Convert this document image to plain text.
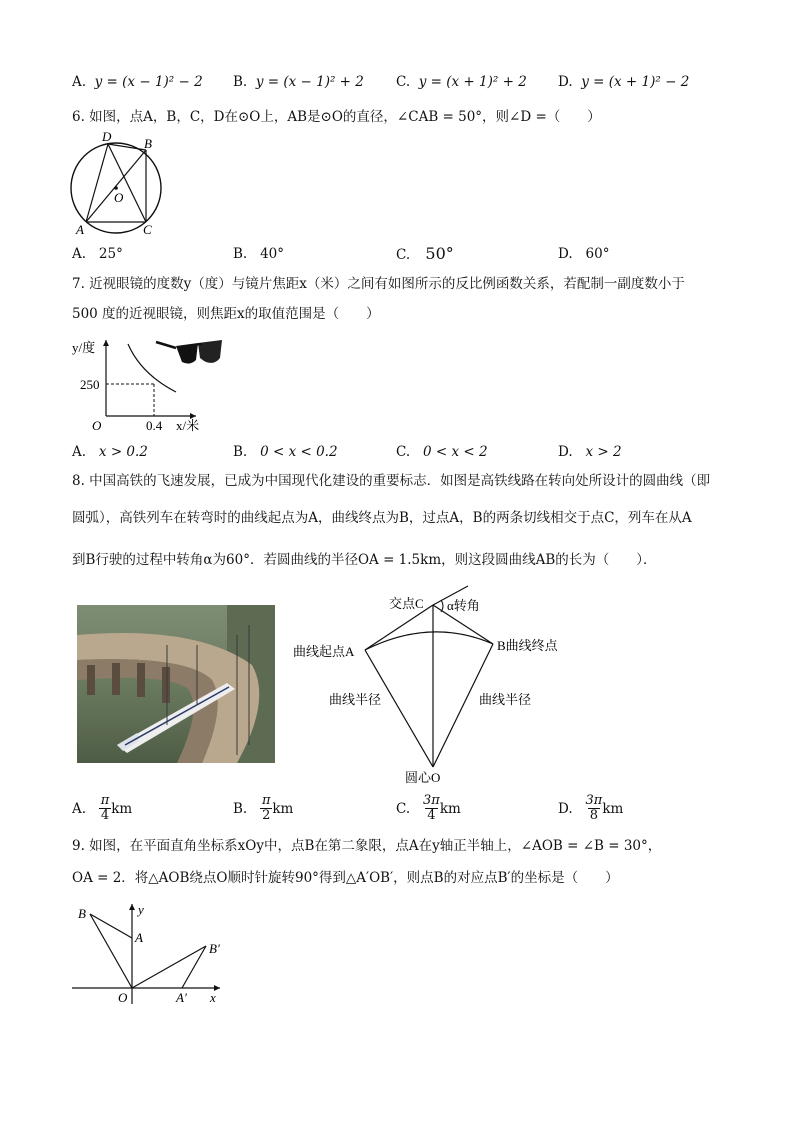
A. y = (x − 1)² − 2 B. y = (x − 1)² + 2 C. y = (x + 1)² + 2 D. y = (x + 1)² − 2
6. 如图，点A，B，C，D在⊙O上，AB是⊙O的直径，∠CAB = 50°，则∠D =（　　）
D	B
O
A	C
A. 25°	B. 40°	C. 50°	D. 60°
7. 近视眼镜的度数y（度）与镜片焦距x（米）之间有如图所示的反比例函数关系，若配制一副度数小于
500 度的近视眼镜，则焦距x的取值范围是（　　）
y/度
250
0.4
O	x/米
A. x > 0.2	B. 0 < x < 0.2	C. 0 < x < 2	D. x > 2
8. 中国高铁的飞速发展，已成为中国现代化建设的重要标志．如图是高铁线路在转向处所设计的圆曲线（即
圆弧），高铁列车在转弯时的曲线起点为A，曲线终点为B，过点A，B的两条切线相交于点C，列车在从A
到B行驶的过程中转角α为60°．若圆曲线的半径OA = 1.5km，则这段圆曲线AB的长为（　　）．
交点C α转角
曲线起点A	B曲线终点
曲线半径	曲线半径
圆心O
A.

π
4 km	B.

π
2 km	C.

3π
4 km	D.

3π
8 km
9. 如图，在平面直角坐标系xOy中，点B在第二象限，点A在y轴正半轴上，∠AOB = ∠B = 30°，
OA = 2．将△AOB绕点O顺时针旋转90°得到△A′OB′，则点B的对应点B′的坐标是（　　）
B	y
A
B′
O	A′ x
